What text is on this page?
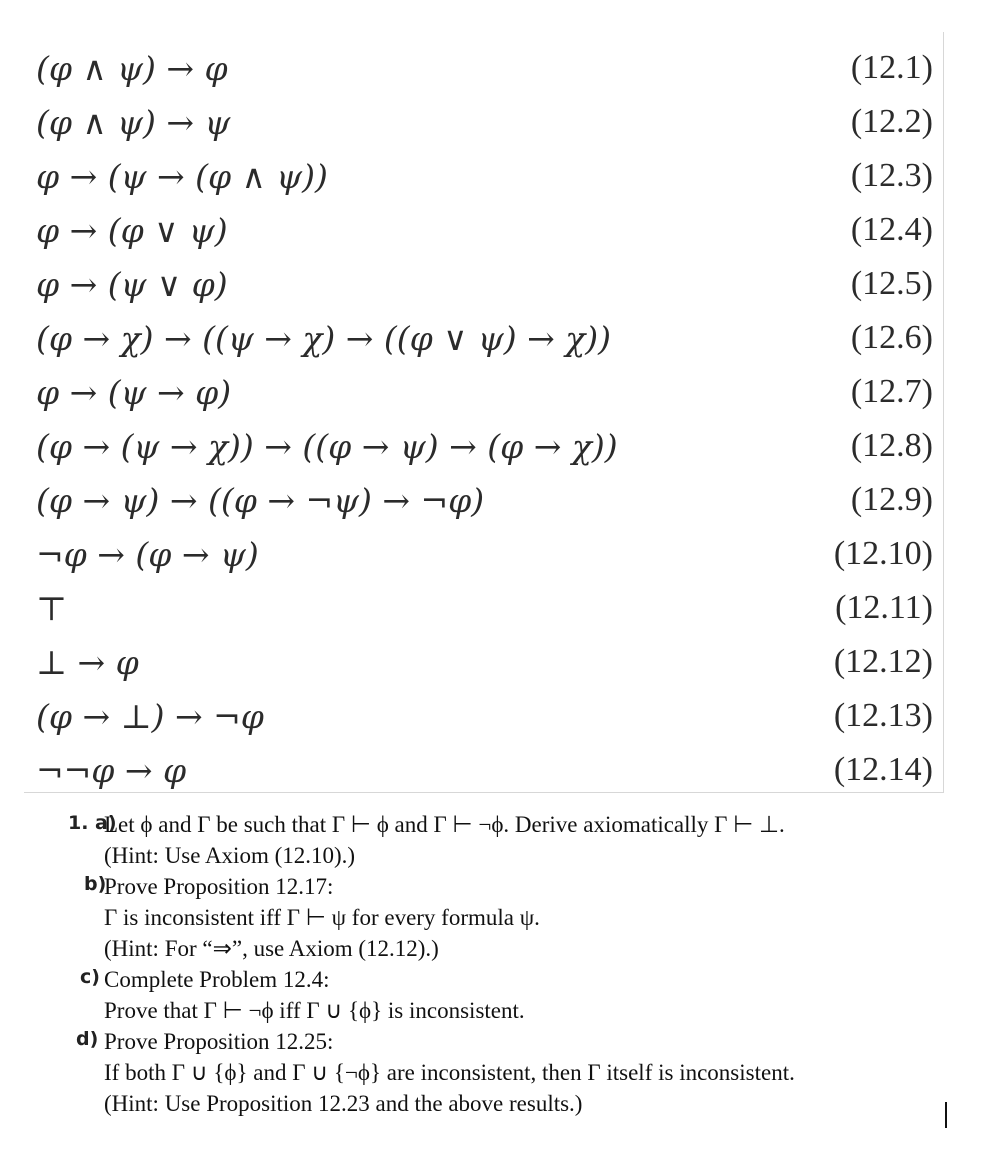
(φ ∧ ψ) → φ	(12.1)
(φ ∧ ψ) → ψ	(12.2)
φ → (ψ → (φ ∧ ψ))	(12.3)
φ → (φ ∨ ψ)	(12.4)
φ → (ψ ∨ φ)	(12.5)
(φ → χ) → ((ψ → χ) → ((φ ∨ ψ) → χ))	(12.6)
φ → (ψ → φ)	(12.7)
(φ → (ψ → χ)) → ((φ → ψ) → (φ → χ))	(12.8)
(φ → ψ) → ((φ → ¬ψ) → ¬φ)	(12.9)
¬φ → (φ → ψ)	(12.10)
⊤	(12.11)
⊥ → φ	(12.12)
(φ → ⊥) → ¬φ	(12.13)
¬¬φ → φ	(12.14)
1. a)
Let ϕ and Γ be such that Γ ⊢ ϕ and Γ ⊢ ¬ϕ. Derive axiomatically Γ ⊢ ⊥.
(Hint: Use Axiom (12.10).)
b)
Prove Proposition 12.17:
Γ is inconsistent iff Γ ⊢ ψ for every formula ψ.
(Hint: For “⇒”, use Axiom (12.12).)
c) Complete Problem 12.4:
Prove that Γ ⊢ ¬ϕ iff Γ ∪ {ϕ} is inconsistent.
d) Prove Proposition 12.25:
If both Γ ∪ {ϕ} and Γ ∪ {¬ϕ} are inconsistent, then Γ itself is inconsistent.
(Hint: Use Proposition 12.23 and the above results.)
